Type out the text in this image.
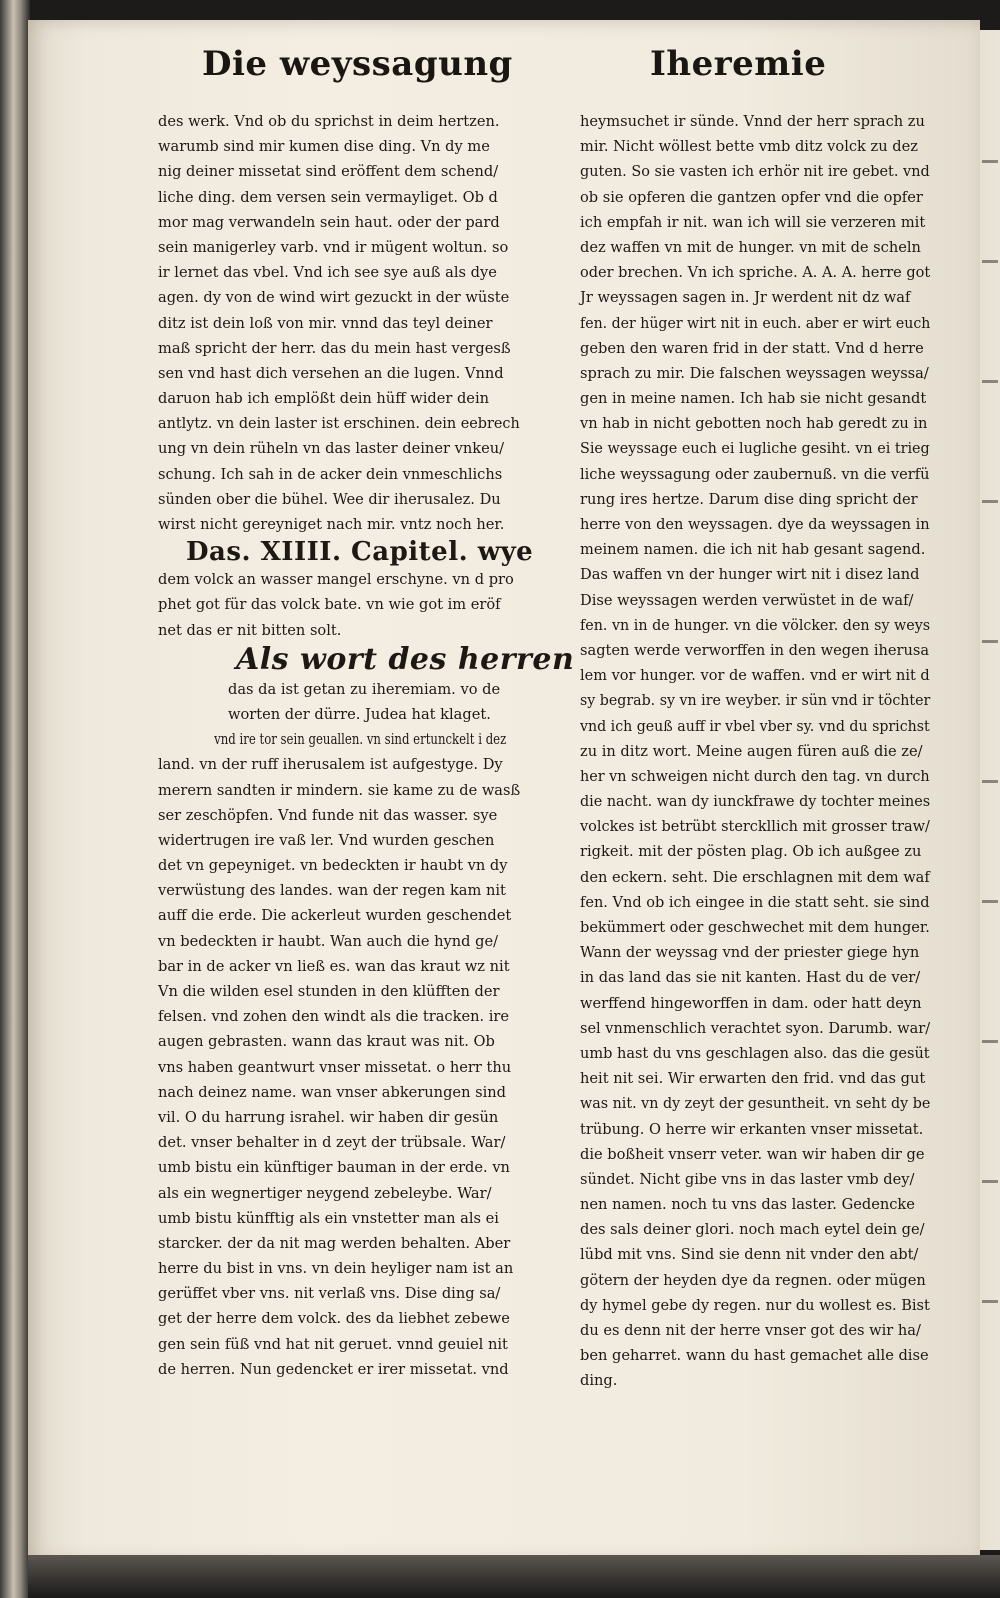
Die weyssagung	Iheremie
des werk. Vnd ob du sprichst in deim hertzen.
warumb sind mir kumen dise ding. Vn dy me
nig deiner missetat sind eröffent dem schend/
liche ding. dem versen sein vermayliget. Ob d
mor mag verwandeln sein haut. oder der pard
sein manigerley varb. vnd ir mügent woltun. so
ir lernet das vbel. Vnd ich see sye auß als dye
agen. dy von de wind wirt gezuckt in der wüste
ditz ist dein loß von mir. vnnd das teyl deiner
maß spricht der herr. das du mein hast vergesß
sen vnd hast dich versehen an die lugen. Vnnd
daruon hab ich emplößt dein hüff wider dein
antlytz. vn dein laster ist erschinen. dein eebrech
ung vn dein rüheln vn das laster deiner vnkeu/
schung. Ich sah in de acker dein vnmeschlichs
sünden ober die bühel. Wee dir iherusalez. Du
wirst nicht gereyniget nach mir. vntz noch her.
Das. XIIII. Capitel. wye
dem volck an wasser mangel erschyne. vn d pro
phet got für das volck bate. vn wie got im eröf
net das er nit bitten solt.
Als wort des herren
das da ist getan zu iheremiam. vo de
worten der dürre. Judea hat klaget.
vnd ire tor sein geuallen. vn sind ertunckelt i dez
land. vn der ruff iherusalem ist aufgestyge. Dy
merern sandten ir mindern. sie kame zu de wasß
ser zeschöpfen. Vnd funde nit das wasser. sye
widertrugen ire vaß ler. Vnd wurden geschen
det vn gepeyniget. vn bedeckten ir haubt vn dy
verwüstung des landes. wan der regen kam nit
auff die erde. Die ackerleut wurden geschendet
vn bedeckten ir haubt. Wan auch die hynd ge/
bar in de acker vn ließ es. wan das kraut wz nit
Vn die wilden esel stunden in den klüfften der
felsen. vnd zohen den windt als die tracken. ire
augen gebrasten. wann das kraut was nit. Ob
vns haben geantwurt vnser missetat. o herr thu
nach deinez name. wan vnser abkerungen sind
vil. O du harrung israhel. wir haben dir gesün
det. vnser behalter in d zeyt der trübsale. War/
umb bistu ein künftiger bauman in der erde. vn
als ein wegnertiger neygend zebeleybe. War/
umb bistu künfftig als ein vnstetter man als ei
starcker. der da nit mag werden behalten. Aber
herre du bist in vns. vn dein heyliger nam ist an
gerüffet vber vns. nit verlaß vns. Dise ding sa/
get der herre dem volck. des da liebhet zebewe
gen sein füß vnd hat nit geruet. vnnd geuiel nit
de herren. Nun gedencket er irer missetat. vnd
heymsuchet ir sünde. Vnnd der herr sprach zu
mir. Nicht wöllest bette vmb ditz volck zu dez
guten. So sie vasten ich erhör nit ire gebet. vnd
ob sie opferen die gantzen opfer vnd die opfer
ich empfah ir nit. wan ich will sie verzeren mit
dez waffen vn mit de hunger. vn mit de scheln
oder brechen. Vn ich spriche. A. A. A. herre got
Jr weyssagen sagen in. Jr werdent nit dz waf
fen. der hüger wirt nit in euch. aber er wirt euch
geben den waren frid in der statt. Vnd d herre
sprach zu mir. Die falschen weyssagen weyssa/
gen in meine namen. Ich hab sie nicht gesandt
vn hab in nicht gebotten noch hab geredt zu in
Sie weyssage euch ei lugliche gesiht. vn ei trieg
liche weyssagung oder zaubernuß. vn die verfü
rung ires hertze. Darum dise ding spricht der
herre von den weyssagen. dye da weyssagen in
meinem namen. die ich nit hab gesant sagend.
Das waffen vn der hunger wirt nit i disez land
Dise weyssagen werden verwüstet in de waf/
fen. vn in de hunger. vn die völcker. den sy weys
sagten werde verworffen in den wegen iherusa
lem vor hunger. vor de waffen. vnd er wirt nit d
sy begrab. sy vn ire weyber. ir sün vnd ir töchter
vnd ich geuß auff ir vbel vber sy. vnd du sprichst
zu in ditz wort. Meine augen füren auß die ze/
her vn schweigen nicht durch den tag. vn durch
die nacht. wan dy iunckfrawe dy tochter meines
volckes ist betrübt sterckllich mit grosser traw/
rigkeit. mit der pösten plag. Ob ich außgee zu
den eckern. seht. Die erschlagnen mit dem waf
fen. Vnd ob ich eingee in die statt seht. sie sind
bekümmert oder geschwechet mit dem hunger.
Wann der weyssag vnd der priester giege hyn
in das land das sie nit kanten. Hast du de ver/
werffend hingeworffen in dam. oder hatt deyn
sel vnmenschlich verachtet syon. Darumb. war/
umb hast du vns geschlagen also. das die gesüt
heit nit sei. Wir erwarten den frid. vnd das gut
was nit. vn dy zeyt der gesuntheit. vn seht dy be
trübung. O herre wir erkanten vnser missetat.
die boßheit vnserr veter. wan wir haben dir ge
sündet. Nicht gibe vns in das laster vmb dey/
nen namen. noch tu vns das laster. Gedencke
des sals deiner glori. noch mach eytel dein ge/
lübd mit vns. Sind sie denn nit vnder den abt/
götern der heyden dye da regnen. oder mügen
dy hymel gebe dy regen. nur du wollest es. Bist
du es denn nit der herre vnser got des wir ha/
ben geharret. wann du hast gemachet alle dise
ding.
